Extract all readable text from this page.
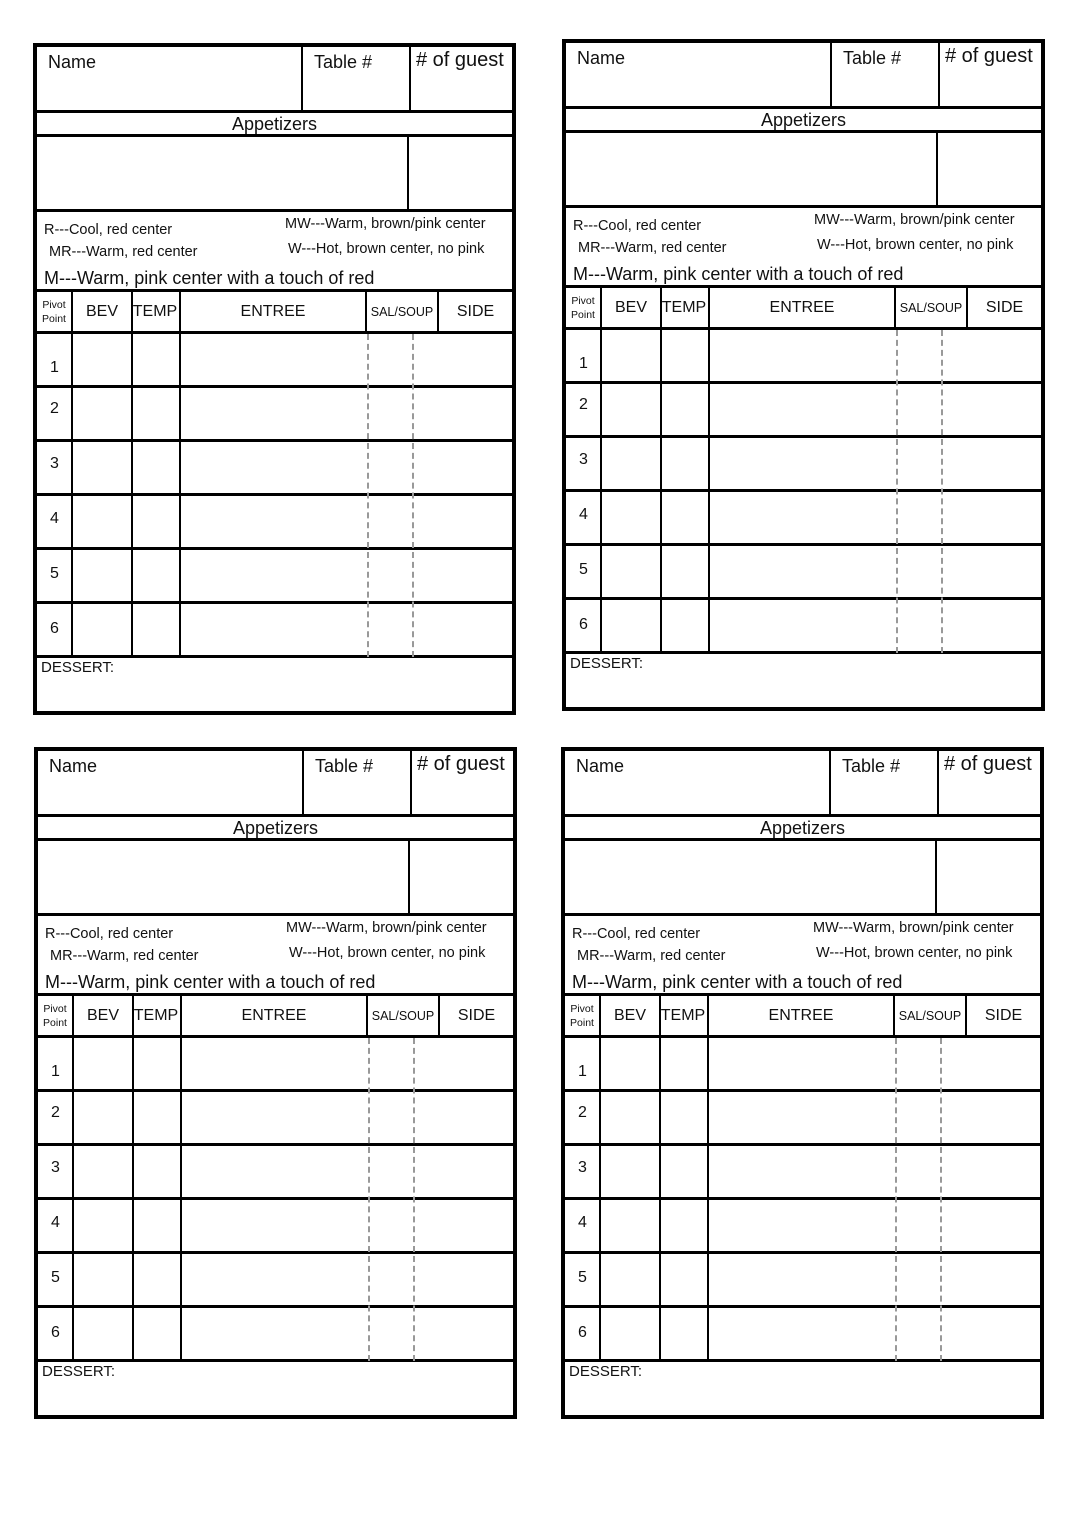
Name	Table # # of guest
Appetizers
R---Cool, red center
MR---Warm, red center
MW---Warm, brown/pink center
W---Hot, brown center, no pink
M---Warm, pink center with a touch of red
Pivot
Point	BEV TEMP	ENTREE	SAL/SOUP	SIDE
1
2
3
4
5
6
DESSERT:
Name	Table # # of guest
Appetizers
R---Cool, red center
MR---Warm, red center
MW---Warm, brown/pink center
W---Hot, brown center, no pink
M---Warm, pink center with a touch of red
Pivot
Point	BEV TEMP	ENTREE	SAL/SOUP	SIDE
1
2
3
4
5
6
DESSERT:
Name	Table # # of guest
Appetizers
R---Cool, red center
MR---Warm, red center
MW---Warm, brown/pink center
W---Hot, brown center, no pink
M---Warm, pink center with a touch of red
Pivot
Point	BEV TEMP	ENTREE	SAL/SOUP	SIDE
1
2
3
4
5
6
DESSERT:
Name	Table # # of guest
Appetizers
R---Cool, red center
MR---Warm, red center
MW---Warm, brown/pink center
W---Hot, brown center, no pink
M---Warm, pink center with a touch of red
Pivot
Point	BEV TEMP	ENTREE	SAL/SOUP	SIDE
1
2
3
4
5
6
DESSERT:
